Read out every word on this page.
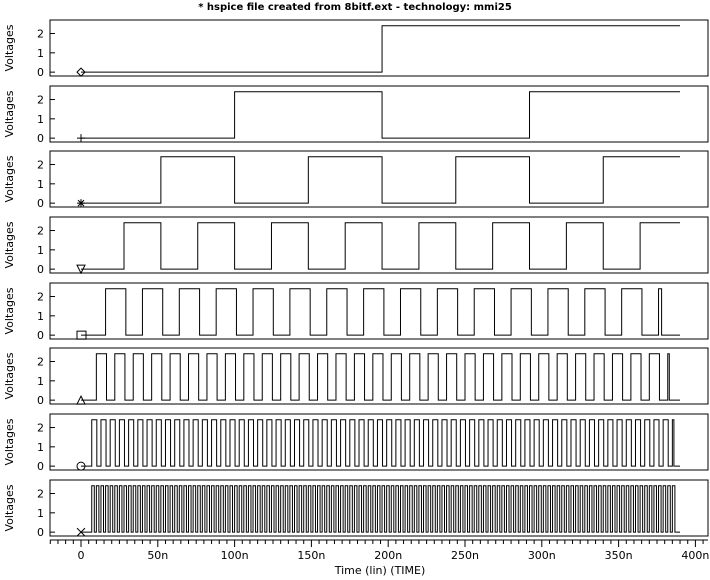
* hspice file created from 8bitf.ext - technology: mmi25
0
1
2
Voltages
0
1
2
Voltages
0
1
2
Voltages
0
1
2
Voltages
0
1
2
Voltages
0
1
2
Voltages
0
1
2
Voltages
0
1
2
Voltages
0	50n	100n	150n	200n	250n	300n	350n	400n
Time (lin) (TIME)
